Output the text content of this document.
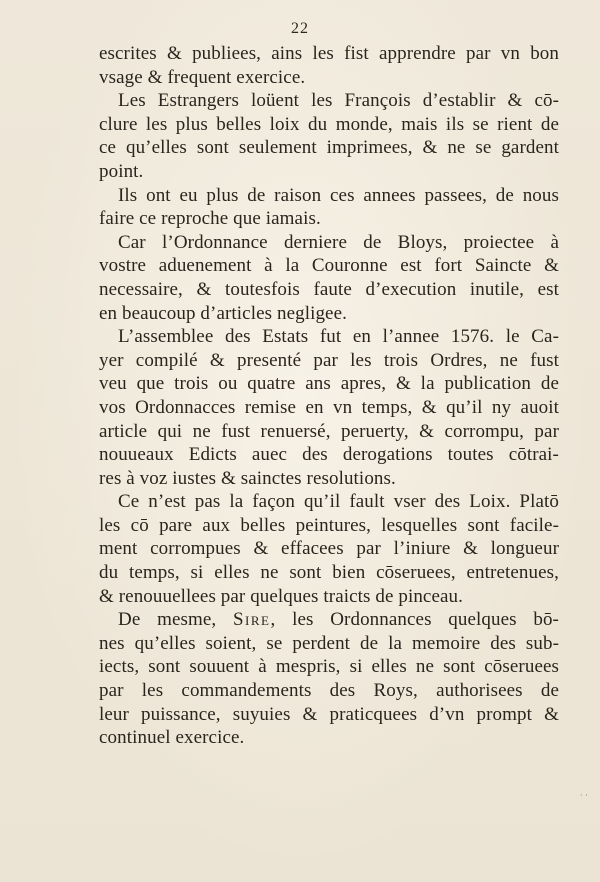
22
escrites & publiees, ains les fist apprendre par vn bon
vsage & frequent exercice.
Les Estrangers loüent les François d’establir & cō-
clure les plus belles loix du monde, mais ils se rient de
ce qu’elles sont seulement imprimees, & ne se gardent
point.
Ils ont eu plus de raison ces annees passees, de nous
faire ce reproche que iamais.
Car l’Ordonnance derniere de Bloys, proiectee à
vostre aduenement à la Couronne est fort Saincte &
necessaire, & toutesfois faute d’execution inutile, est
en beaucoup d’articles negligee.
L’assemblee des Estats fut en l’annee 1576. le Ca-
yer compilé & presenté par les trois Ordres, ne fust
veu que trois ou quatre ans apres, & la publication de
vos Ordonnacces remise en vn temps, & qu’il ny auoit
article qui ne fust renuersé, peruerty, & corrompu, par
nouueaux Edicts auec des derogations toutes cōtrai-
res à voz iustes & sainctes resolutions.
Ce n’est pas la façon qu’il fault vser des Loix. Platō
les cō pare aux belles peintures, lesquelles sont facile-
ment corrompues & effacees par l’iniure & longueur
du temps, si elles ne sont bien cōseruees, entretenues,
& renouuellees par quelques traicts de pinceau.
De mesme, Sire, les Ordonnances quelques bō-
nes qu’elles soient, se perdent de la memoire des sub-
iects, sont souuent à mespris, si elles ne sont cōseruees
par les commandements des Roys, authorisees de
leur puissance, suyuies & praticquees d’vn prompt &
continuel exercice.
· ·
